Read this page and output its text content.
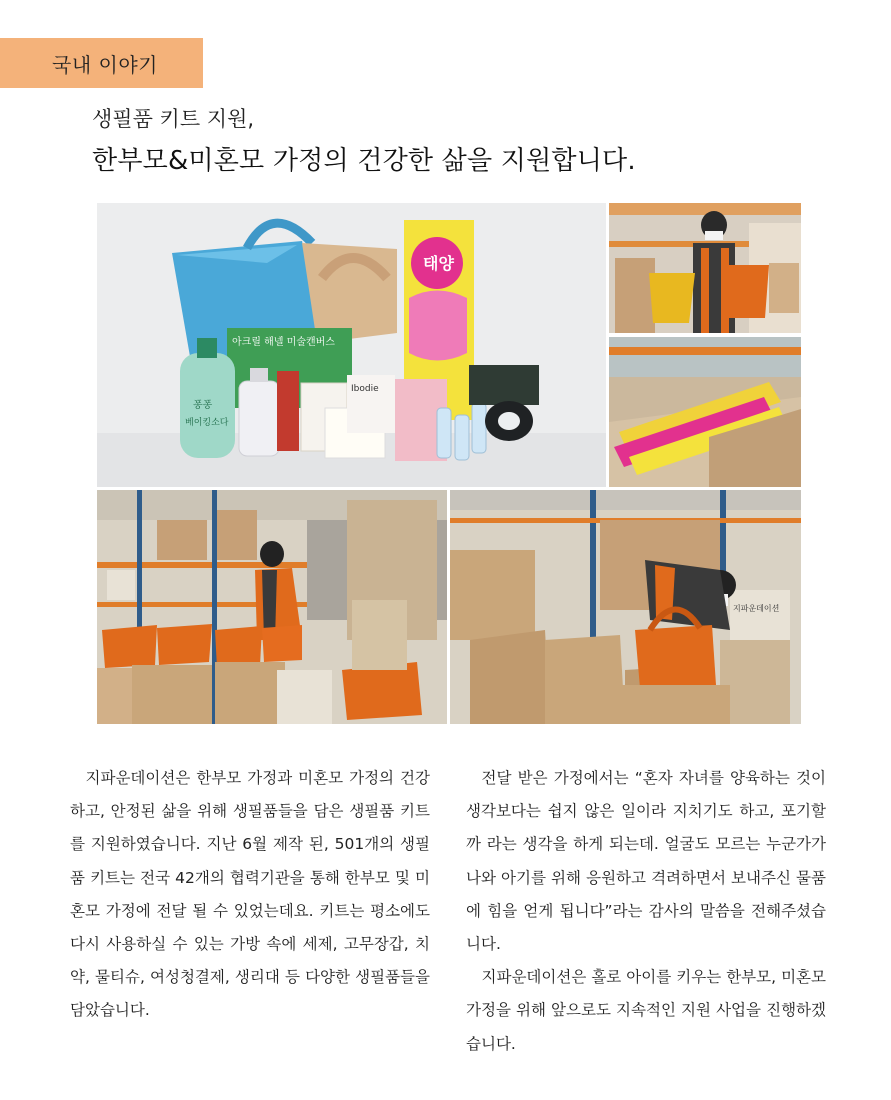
국내 이야기
생필품 키트 지원,
한부모&미혼모 가정의 건강한 삶을 지원합니다.
아크릴 해넬 미술캔버스
태양
퐁퐁
베이킹소다
Ibodie
지파운데이션

지파운데이션은 한부모 가정과 미혼모 가정의 건강하고, 안정된 삶을 위해 생필품들을 담은 생필품 키트를 지원하였습니다. 지난 6월 제작 된, 501개의 생필품 키트는 전국 42개의 협력기관을 통해 한부모 및 미혼모 가정에 전달 될 수 있었는데요. 키트는 평소에도 다시 사용하실 수 있는 가방 속에 세제, 고무장갑, 치약, 물티슈, 여성청결제, 생리대 등 다양한 생필품들을 담았습니다.

전달 받은 가정에서는 “혼자 자녀를 양육하는 것이 생각보다는 쉽지 않은 일이라 지치기도 하고, 포기할까 라는 생각을 하게 되는데. 얼굴도 모르는 누군가가 나와 아기를 위해 응원하고 격려하면서 보내주신 물품에 힘을 얻게 됩니다”라는 감사의 말씀을 전해주셨습니다.

지파운데이션은 홀로 아이를 키우는 한부모, 미혼모 가정을 위해 앞으로도 지속적인 지원 사업을 진행하겠습니다.
